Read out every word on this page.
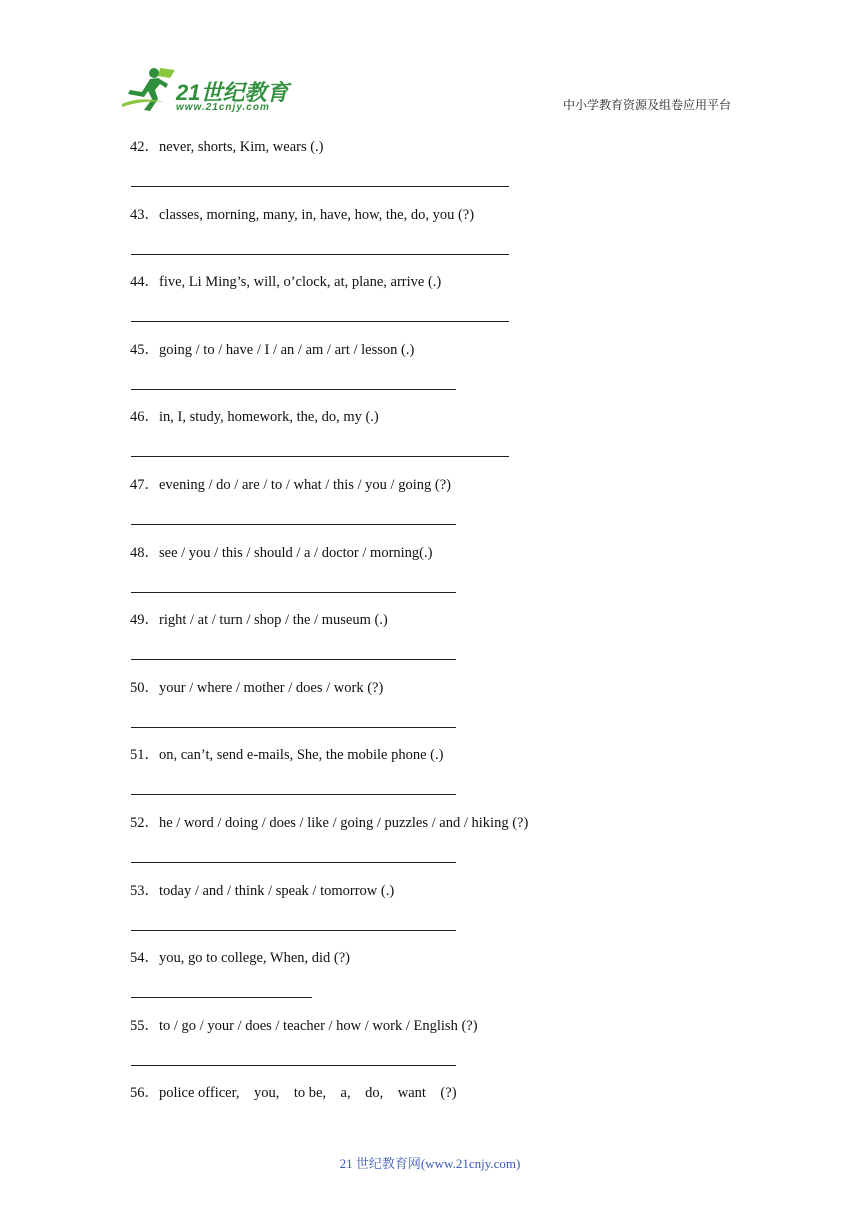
21世纪教育
www.21cnjy.com	中小学教育资源及组卷应用平台
42．never, shorts, Kim, wears (.)
43．classes, morning, many, in, have, how, the, do, you (?)
44．five, Li Ming’s, will, o’clock, at, plane, arrive (.)
45．going / to / have / I / an / am / art / lesson (.)
46．in, I, study, homework, the, do, my (.)
47．evening / do / are / to / what / this / you / going (?)
48．see / you / this / should / a / doctor / morning(.)
49．right / at / turn / shop / the / museum (.)
50．your / where / mother / does / work (?)
51．on, can’t, send e-mails, She, the mobile phone (.)
52．he / word / doing / does / like / going / puzzles / and / hiking (?)
53．today / and / think / speak / tomorrow (.)
54．you, go to college, When, did (?)
55．to / go / your / does / teacher / how / work / English (?)
56．police officer,    you,    to be,    a,    do,    want    (?)
21 世纪教育网(www.21cnjy.com)
